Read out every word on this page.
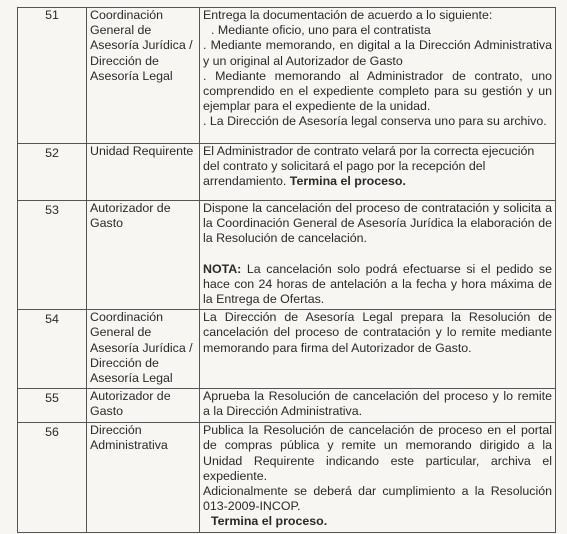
51	Coordinación General de Asesoría Jurídica / Dirección de Asesoría Legal	Entrega la documentación de acuerdo a lo siguiente:

. Mediante oficio, uno para el contratista

. Mediante memorando, en digital a la Dirección Administrativa y un original al Autorizador de Gasto

. Mediante memorando al Administrador de contrato, uno comprendido en el expediente completo para su gestión y un ejemplar para el expediente de la unidad.

. La Dirección de Asesoría legal conserva uno para su archivo.

52	Unidad Requirente	El Administrador de contrato velará por la correcta ejecución del contrato y solicitará el pago por la recepción del arrendamiento. Termina el proceso.

53	Autorizador de Gasto	Dispone la cancelación del proceso de contratación y solicita a la Coordinación General de Asesoría Jurídica la elaboración de la Resolución de cancelación.

NOTA: La cancelación solo podrá efectuarse si el pedido se hace con 24 horas de antelación a la fecha y hora máxima de la Entrega de Ofertas.

54	Coordinación General de Asesoría Jurídica / Dirección de Asesoría Legal	La Dirección de Asesoría Legal prepara la Resolución de cancelación del proceso de contratación y lo remite mediante memorando para firma del Autorizador de Gasto.

55	Autorizador de Gasto	Aprueba la Resolución de cancelación del proceso y lo remite a la Dirección Administrativa.

56	Dirección Administrativa	Publica la Resolución de cancelación de proceso en el portal de compras pública y remite un memorando dirigido a la Unidad Requirente indicando este particular, archiva el expediente.

Adicionalmente se deberá dar cumplimiento a la Resolución 013-2009-INCOP.

Termina el proceso.
